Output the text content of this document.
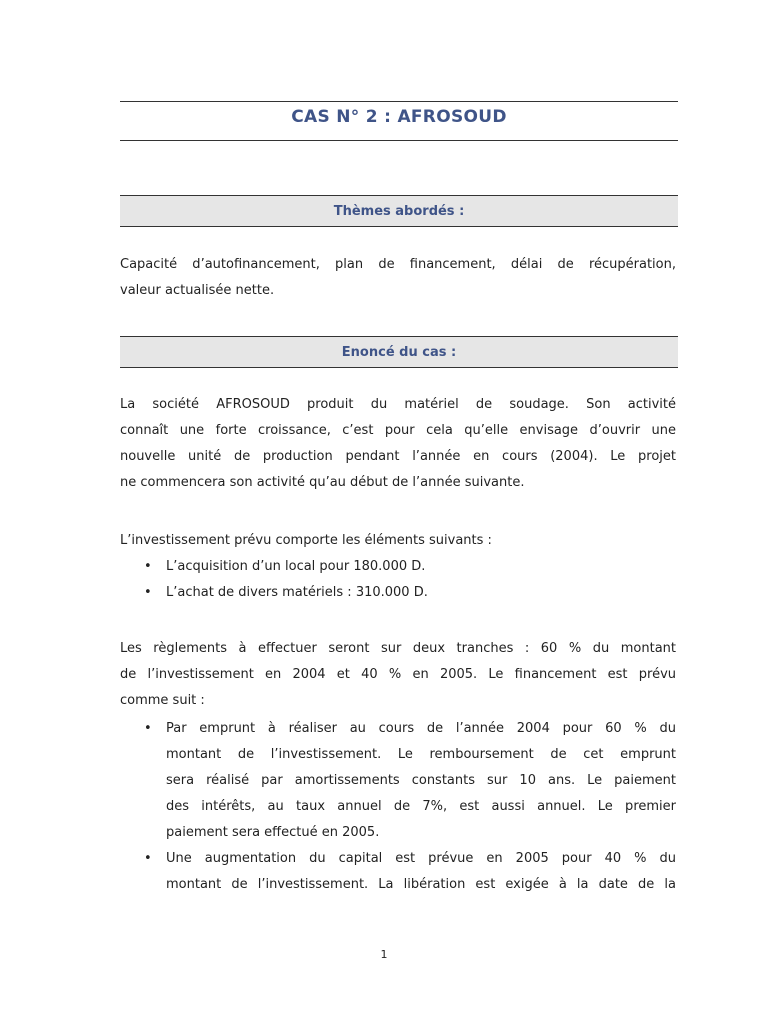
CAS N° 2 : AFROSOUD
Thèmes abordés :
Capacité d’autofinancement, plan de financement, délai de récupération,
valeur actualisée nette.
Enoncé du cas :
La société AFROSOUD produit du matériel de soudage. Son activité
connaît une forte croissance, c’est pour cela qu’elle envisage d’ouvrir une
nouvelle unité de production pendant l’année en cours (2004). Le projet
ne commencera son activité qu’au début de l’année suivante.
L’investissement prévu comporte les éléments suivants :
• L’acquisition d’un local pour 180.000 D.
• L’achat de divers matériels : 310.000 D.
Les règlements à effectuer seront sur deux tranches : 60 % du montant
de l’investissement en 2004 et 40 % en 2005. Le financement est prévu
comme suit :
• Par emprunt à réaliser au cours de l’année 2004 pour 60 % du
montant de l’investissement. Le remboursement de cet emprunt
sera réalisé par amortissements constants sur 10 ans. Le paiement
des intérêts, au taux annuel de 7%, est aussi annuel. Le premier
paiement sera effectué en 2005.
• Une augmentation du capital est prévue en 2005 pour 40 % du
montant de l’investissement. La libération est exigée à la date de la
1
